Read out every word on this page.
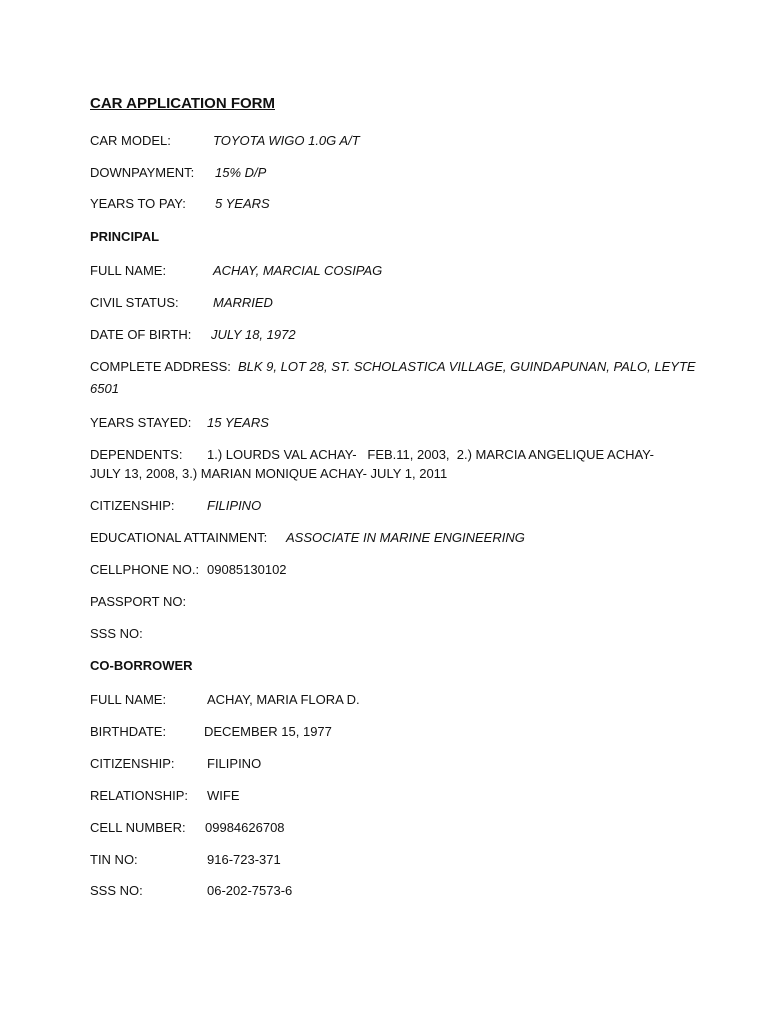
CAR APPLICATION FORM
CAR MODEL:	TOYOTA WIGO 1.0G A/T
DOWNPAYMENT: 15% D/P
YEARS TO PAY: 5 YEARS
PRINCIPAL
FULL NAME:	ACHAY, MARCIAL COSIPAG
CIVIL STATUS:	MARRIED
DATE OF BIRTH: JULY 18, 1972
COMPLETE ADDRESS: BLK 9, LOT 28, ST. SCHOLASTICA VILLAGE, GUINDAPUNAN, PALO, LEYTE
6501
YEARS STAYED: 15 YEARS
DEPENDENTS: 1.) LOURDS VAL ACHAY-   FEB.11, 2003,  2.) MARCIA ANGELIQUE ACHAY-
JULY 13, 2008, 3.) MARIAN MONIQUE ACHAY- JULY 1, 2011
CITIZENSHIP: FILIPINO
EDUCATIONAL ATTAINMENT: ASSOCIATE IN MARINE ENGINEERING
CELLPHONE NO.: 09085130102
PASSPORT NO:
SSS NO:
CO-BORROWER
FULL NAME:	ACHAY, MARIA FLORA D.
BIRTHDATE:	DECEMBER 15, 1977
CITIZENSHIP: FILIPINO
RELATIONSHIP: WIFE
CELL NUMBER: 09984626708
TIN NO:	916-723-371
SSS NO:	06-202-7573-6
